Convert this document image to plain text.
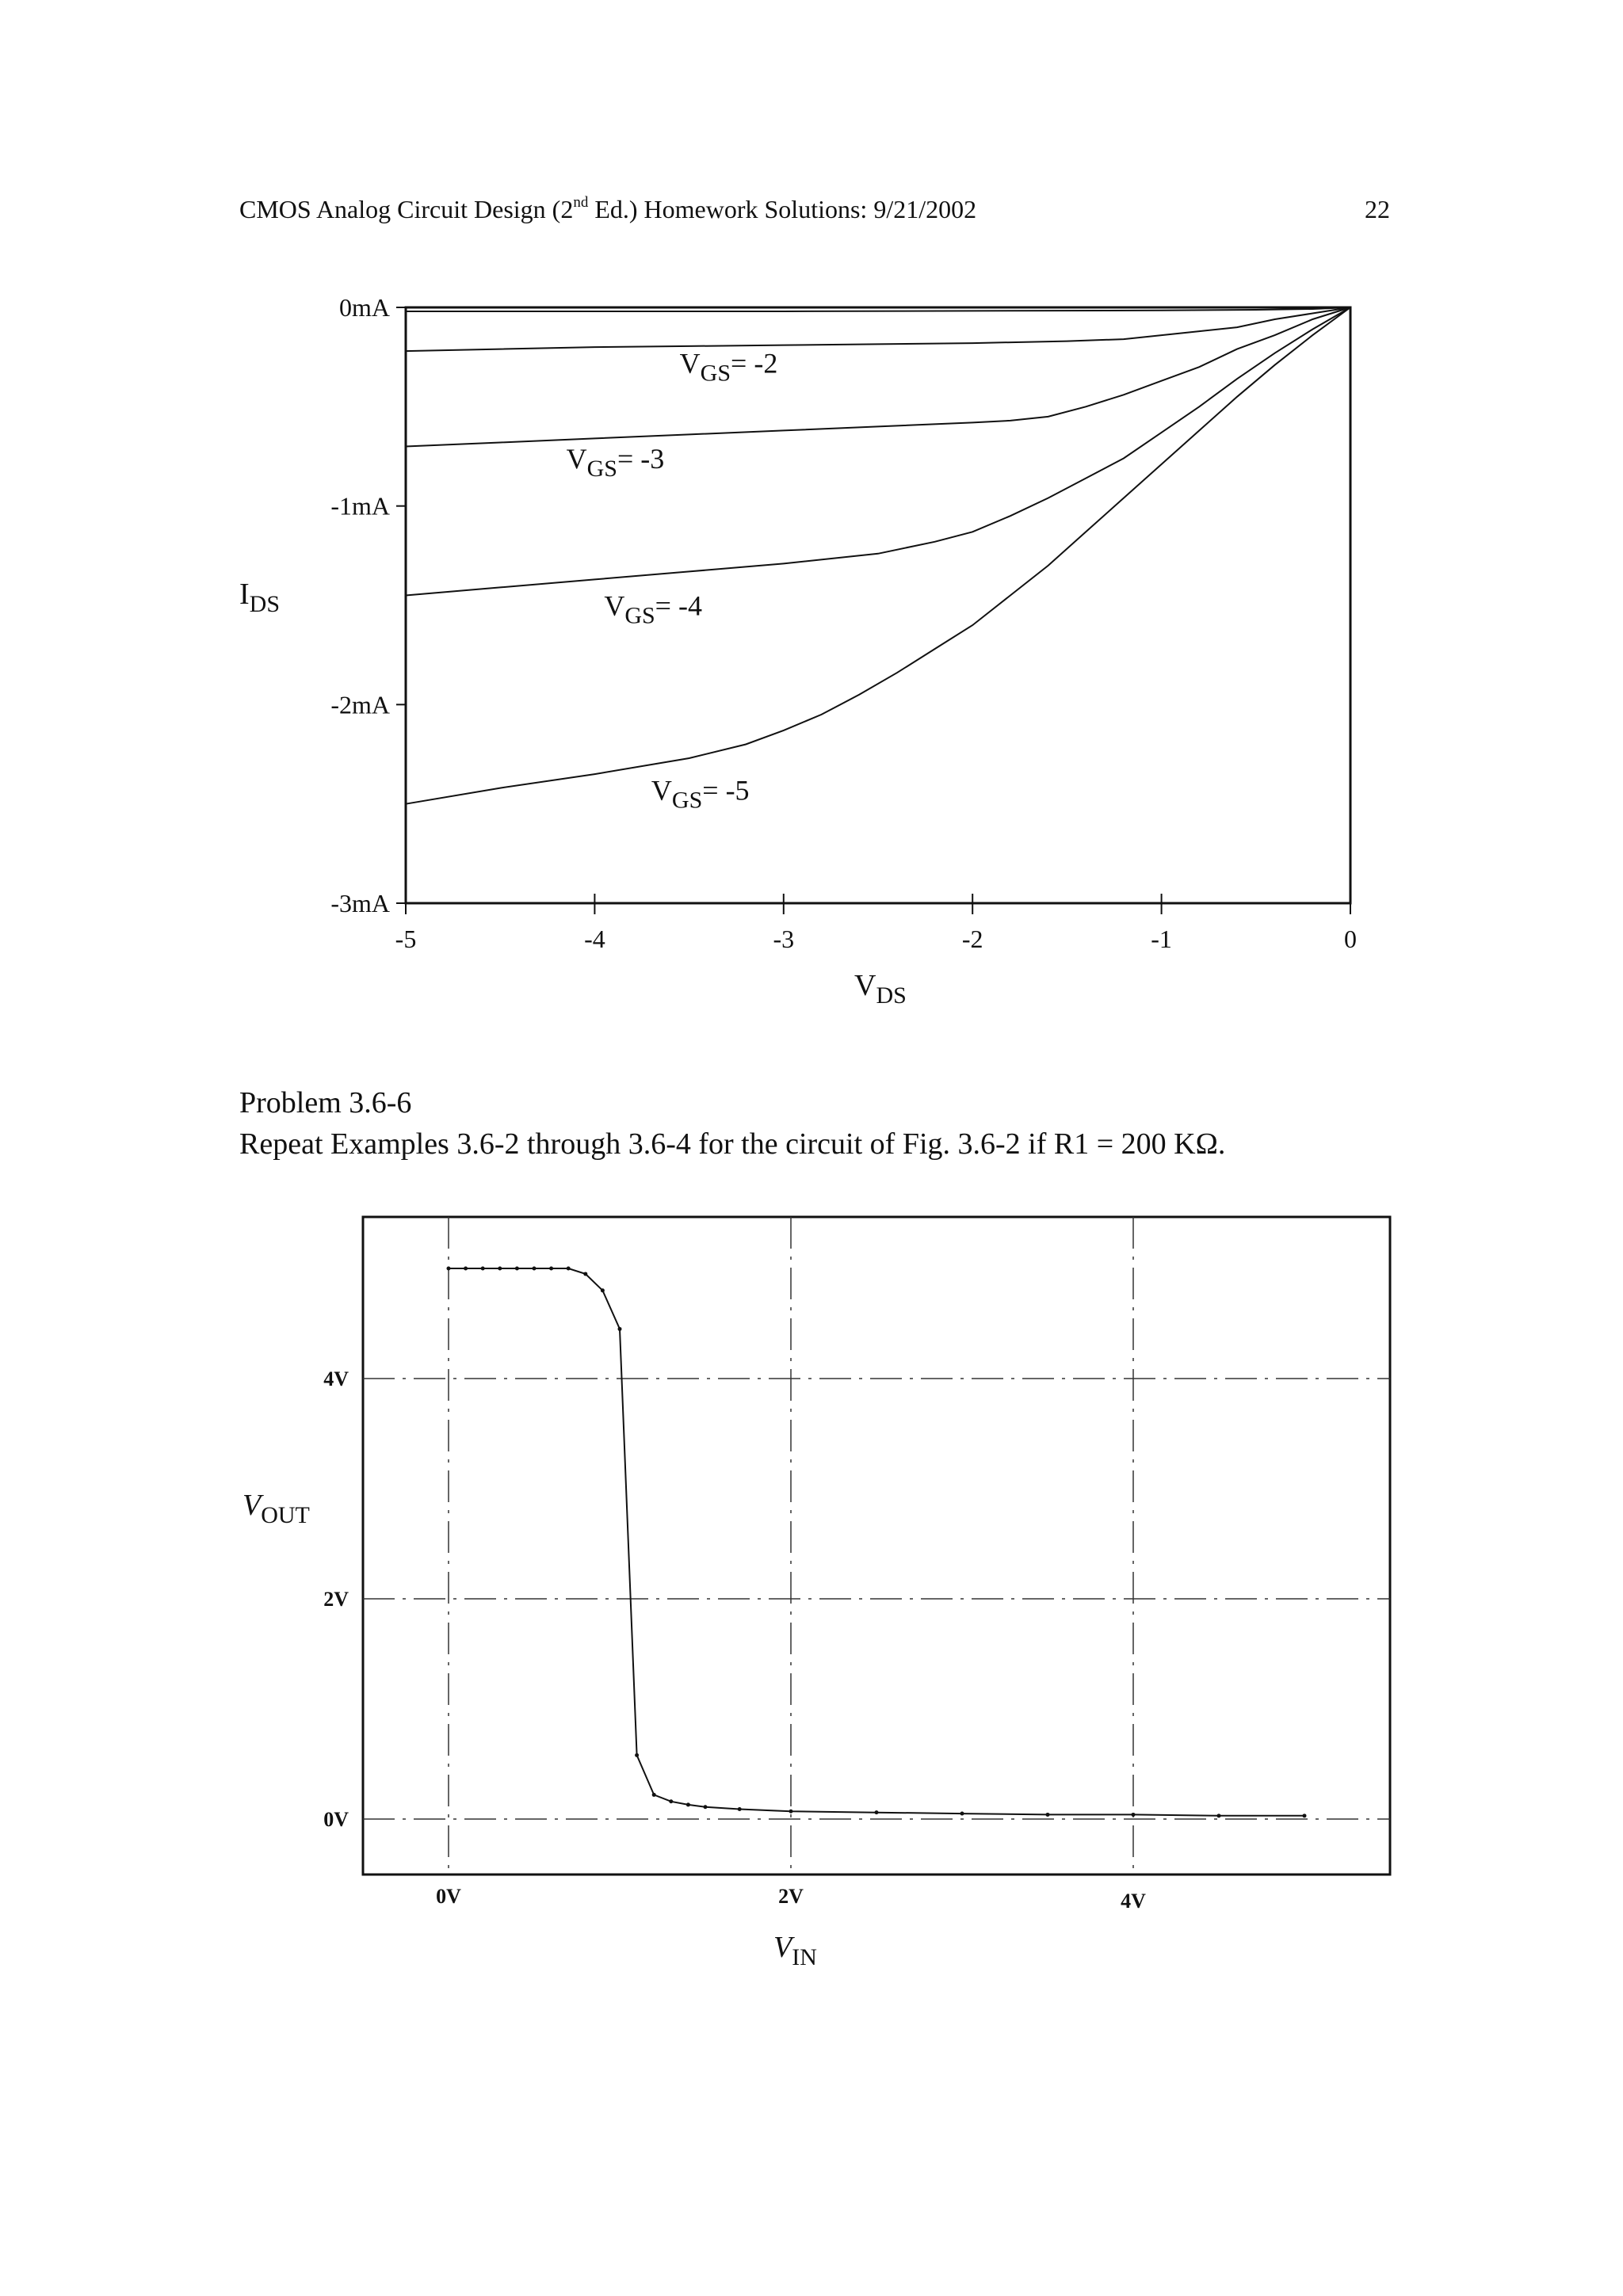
CMOS Analog Circuit Design (2nd Ed.) Homework Solutions: 9/21/2002	22
0mA
-1mA
-2mA
-3mA
-5	-4	-3	-2	-1	0
$V_{DS}$
$I_{DS}$
$V_{GS}= -2$
$V_{GS}= -3$
$V_{GS}= -4$
$V_{GS}= -5$
Problem 3.6-6
Repeat Examples 3.6-2 through 3.6-4 for the circuit of Fig. 3.6-2 if R1 = 200 KΩ.
0V	2V	4V
0V
2V
4V
$V_{IN}$
$V_{OUT}$
